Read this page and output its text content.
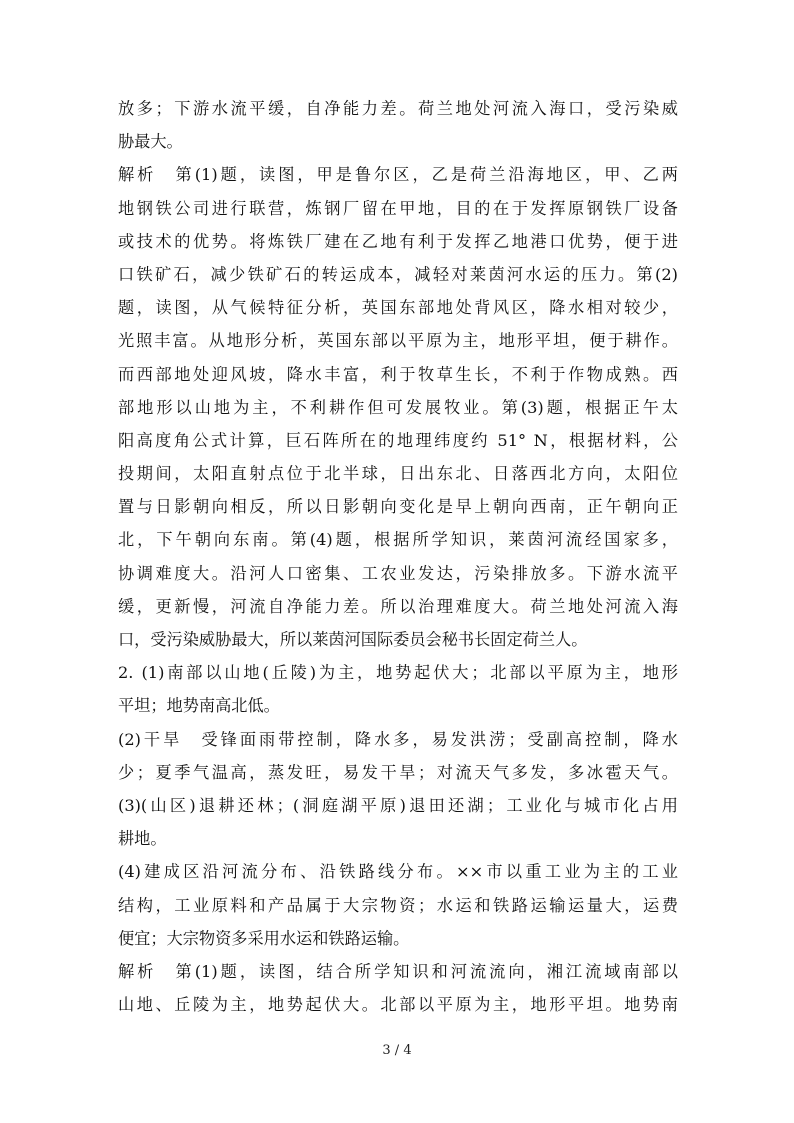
放多；下游水流平缓，自净能力差。荷兰地处河流入海口，受污染威
胁最大。
解析　第(1)题，读图，甲是鲁尔区，乙是荷兰沿海地区，甲、乙两
地钢铁公司进行联营，炼钢厂留在甲地，目的在于发挥原钢铁厂设备
或技术的优势。将炼铁厂建在乙地有利于发挥乙地港口优势，便于进
口铁矿石，减少铁矿石的转运成本，减轻对莱茵河水运的压力。第(2)
题，读图，从气候特征分析，英国东部地处背风区，降水相对较少，
光照丰富。从地形分析，英国东部以平原为主，地形平坦，便于耕作。
而西部地处迎风坡，降水丰富，利于牧草生长，不利于作物成熟。西
部地形以山地为主，不利耕作但可发展牧业。第(3)题，根据正午太
阳高度角公式计算，巨石阵所在的地理纬度约 51° N，根据材料，公
投期间，太阳直射点位于北半球，日出东北、日落西北方向，太阳位
置与日影朝向相反，所以日影朝向变化是早上朝向西南，正午朝向正
北，下午朝向东南。第(4)题，根据所学知识，莱茵河流经国家多，
协调难度大。沿河人口密集、工农业发达，污染排放多。下游水流平
缓，更新慢，河流自净能力差。所以治理难度大。荷兰地处河流入海
口，受污染威胁最大，所以莱茵河国际委员会秘书长固定荷兰人。
2. (1)南部以山地(丘陵)为主，地势起伏大；北部以平原为主，地形
平坦；地势南高北低。
(2)干旱　受锋面雨带控制，降水多，易发洪涝；受副高控制，降水
少；夏季气温高，蒸发旺，易发干旱；对流天气多发，多冰雹天气。
(3)(山区)退耕还林；(洞庭湖平原)退田还湖；工业化与城市化占用
耕地。
(4)建成区沿河流分布、沿铁路线分布。××市以重工业为主的工业
结构，工业原料和产品属于大宗物资；水运和铁路运输运量大，运费
便宜；大宗物资多采用水运和铁路运输。
解析　第(1)题，读图，结合所学知识和河流流向，湘江流域南部以
山地、丘陵为主，地势起伏大。北部以平原为主，地形平坦。地势南
3 / 4
